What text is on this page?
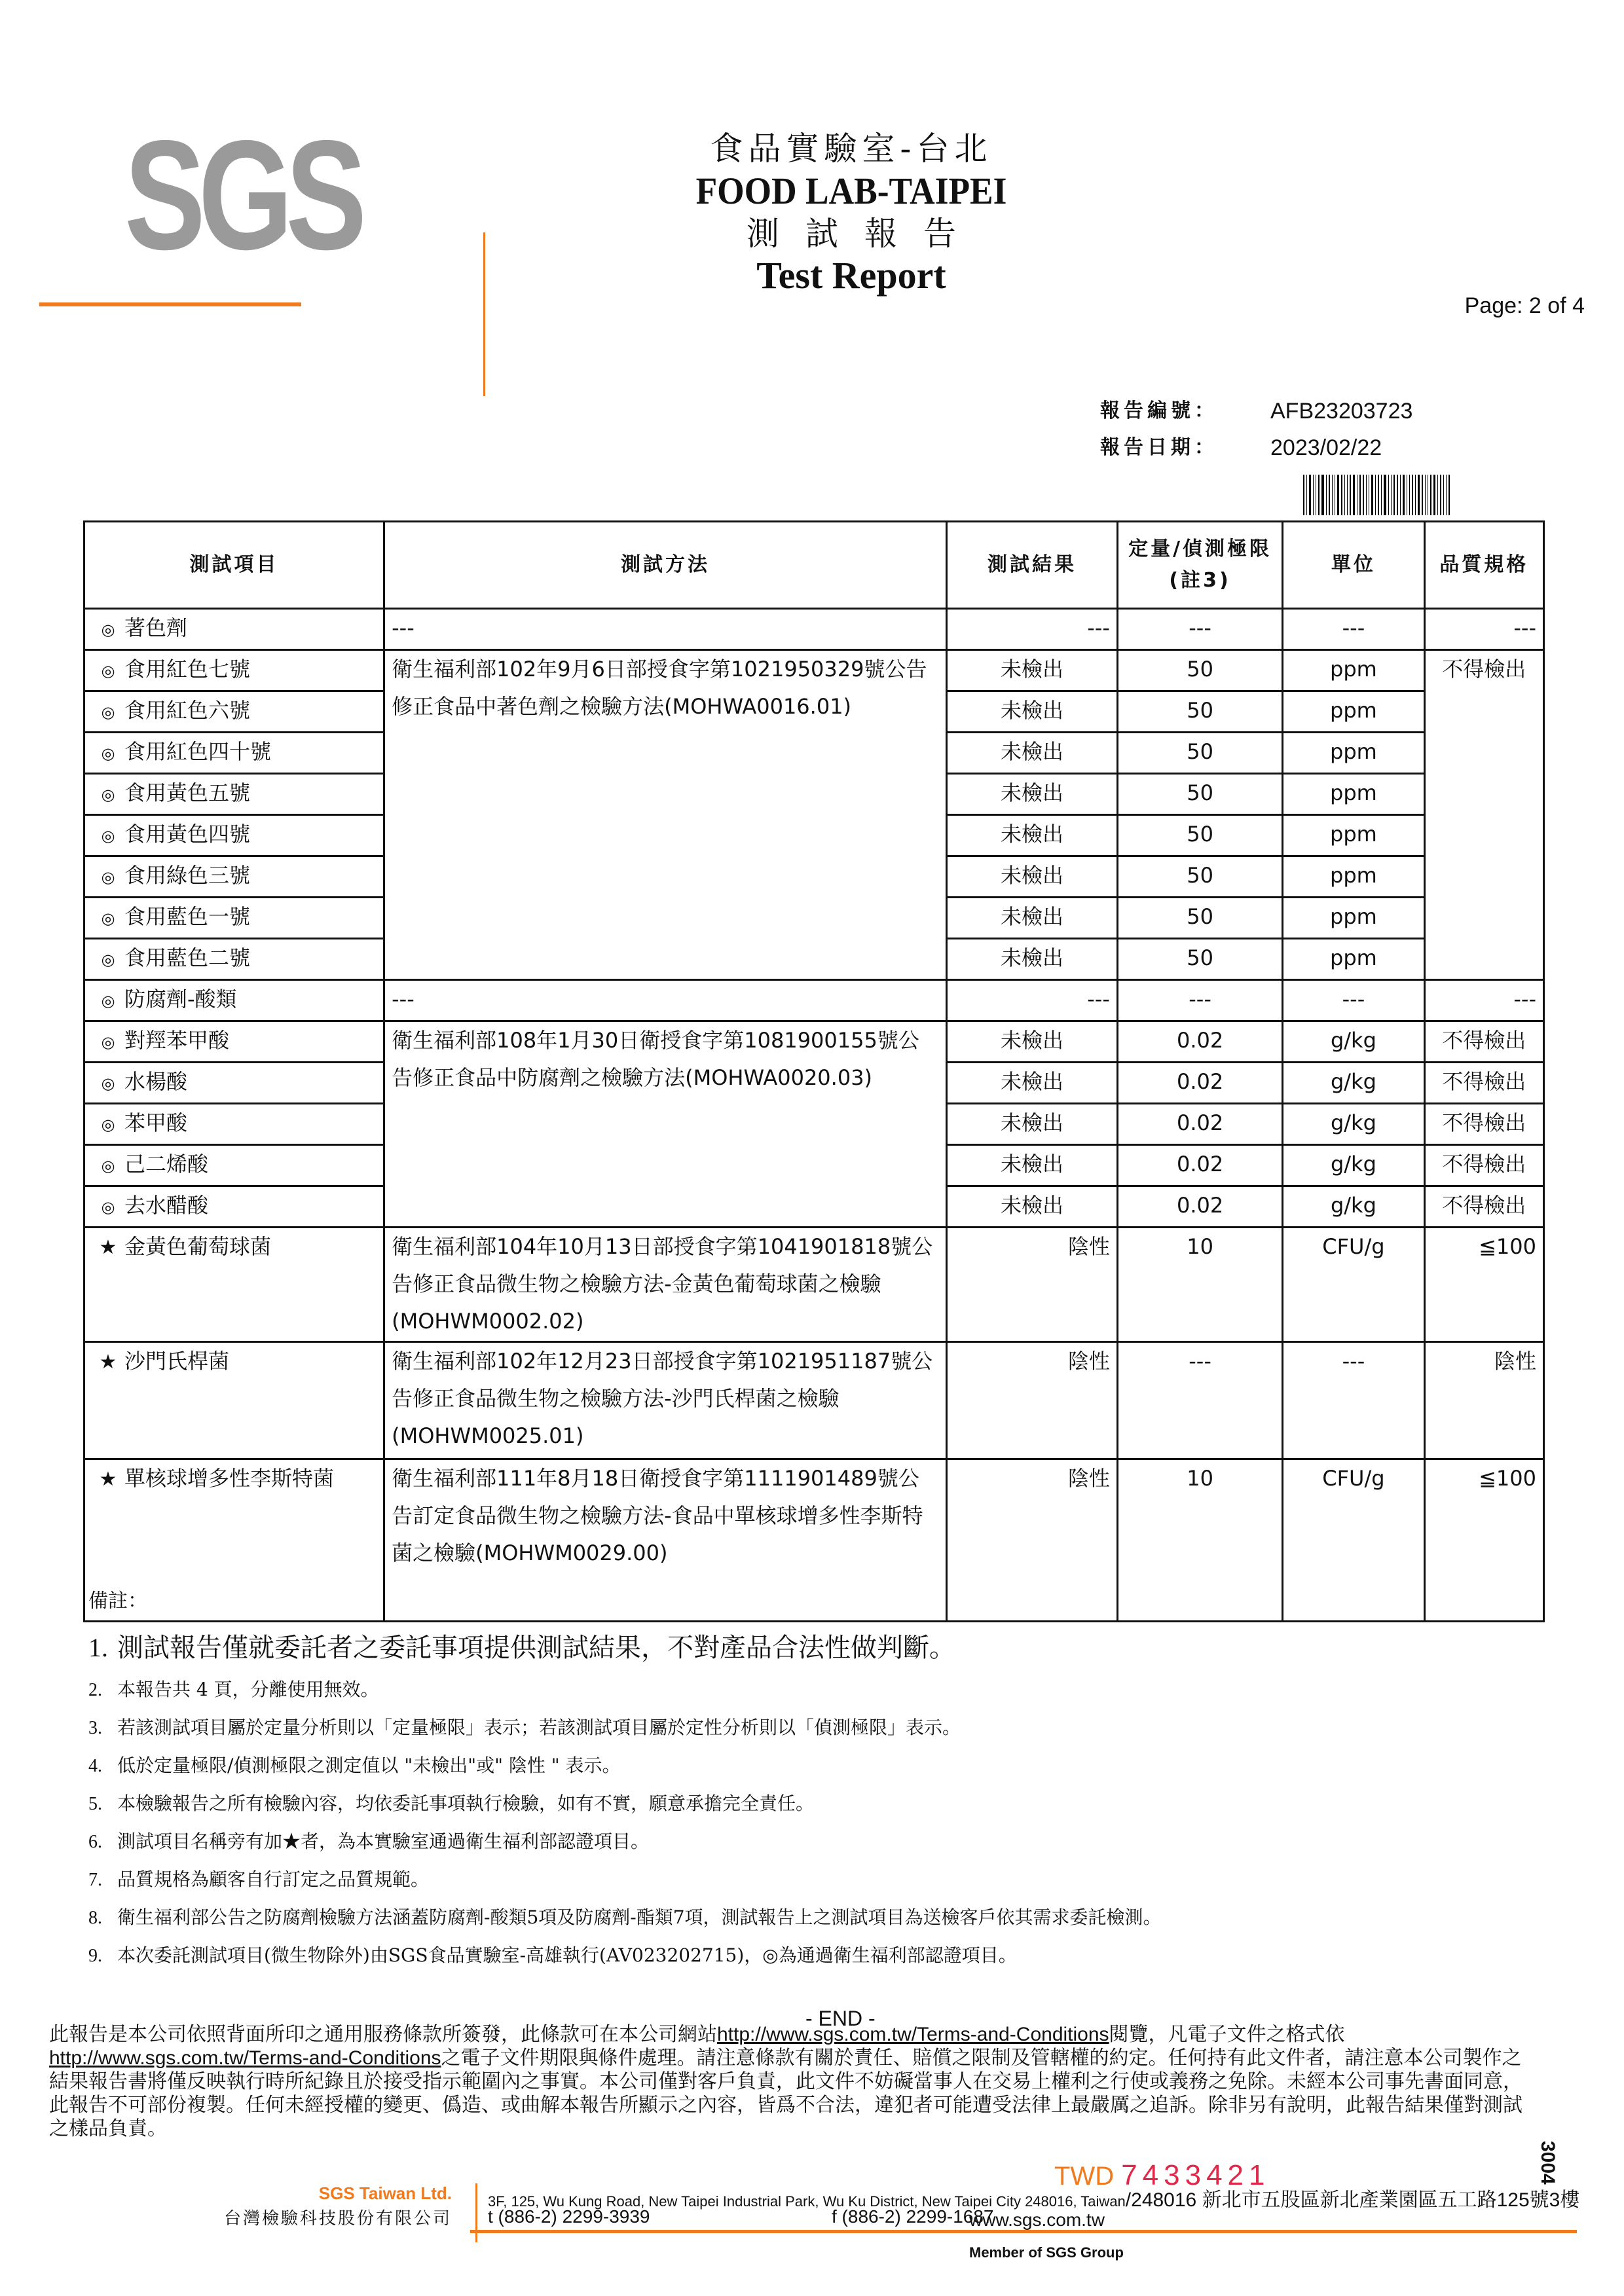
SGS	食品實驗室-台北
FOOD LAB-TAIPEI
測試報告
Test Report
Page: 2 of 4
報告編號：	AFB23203723
報告日期：	2023/02/22
測試項目	測試方法	測試結果	定量/偵測極限(註3)	單位	品質規格
◎ 著色劑	---	---	---	---	---
◎ 食用紅色七號	衛生福利部102年9月6日部授食字第1021950329號公告修正食品中著色劑之檢驗方法(MOHWA0016.01)	未檢出	50	ppm	不得檢出
◎ 食用紅色六號		未檢出	50	ppm	
◎ 食用紅色四十號		未檢出	50	ppm	
◎ 食用黃色五號		未檢出	50	ppm	
◎ 食用黃色四號		未檢出	50	ppm	
◎ 食用綠色三號		未檢出	50	ppm	
◎ 食用藍色一號		未檢出	50	ppm	
◎ 食用藍色二號		未檢出	50	ppm	
◎ 防腐劑-酸類	---	---	---	---	---
◎ 對羥苯甲酸	衛生福利部108年1月30日衛授食字第1081900155號公告修正食品中防腐劑之檢驗方法(MOHWA0020.03)	未檢出	0.02	g/kg	不得檢出
◎ 水楊酸		未檢出	0.02	g/kg	不得檢出
◎ 苯甲酸		未檢出	0.02	g/kg	不得檢出
◎ 己二烯酸		未檢出	0.02	g/kg	不得檢出
◎ 去水醋酸		未檢出	0.02	g/kg	不得檢出
★ 金黃色葡萄球菌	衛生福利部104年10月13日部授食字第1041901818號公告修正食品微生物之檢驗方法-金黃色葡萄球菌之檢驗(MOHWM0002.02)	陰性	10	CFU/g	≦100
★ 沙門氏桿菌	衛生福利部102年12月23日部授食字第1021951187號公告修正食品微生物之檢驗方法-沙門氏桿菌之檢驗(MOHWM0025.01)	陰性	---	---	陰性
★ 單核球增多性李斯特菌	衛生福利部111年8月18日衛授食字第1111901489號公告訂定食品微生物之檢驗方法-食品中單核球增多性李斯特菌之檢驗(MOHWM0029.00)	陰性	10	CFU/g	≦100
備註：
1. 測試報告僅就委託者之委託事項提供測試結果，不對產品合法性做判斷。
2. 本報告共 4 頁，分離使用無效。
3. 若該測試項目屬於定量分析則以「定量極限」表示；若該測試項目屬於定性分析則以「偵測極限」表示。
4. 低於定量極限/偵測極限之測定值以 "未檢出"或" 陰性 " 表示。
5. 本檢驗報告之所有檢驗內容，均依委託事項執行檢驗，如有不實，願意承擔完全責任。
6. 測試項目名稱旁有加★者，為本實驗室通過衛生福利部認證項目。
7. 品質規格為顧客自行訂定之品質規範。
8. 衛生福利部公告之防腐劑檢驗方法涵蓋防腐劑-酸類5項及防腐劑-酯類7項，測試報告上之測試項目為送檢客戶依其需求委託檢測。
9. 本次委託測試項目(微生物除外)由SGS食品實驗室-高雄執行(AV023202715)，◎為通過衛生福利部認證項目。
- END -
此報告是本公司依照背面所印之通用服務條款所簽發，此條款可在本公司網站http://www.sgs.com.tw/Terms-and-Conditions閱覽，凡電子文件之格式依
http://www.sgs.com.tw/Terms-and-Conditions之電子文件期限與條件處理。請注意條款有關於責任、賠償之限制及管轄權的約定。任何持有此文件者，請注意本公司製作之結果報告書將僅反映執行時所紀錄且於接受指示範圍內之事實。本公司僅對客戶負責，此文件不妨礙當事人在交易上權利之行使或義務之免除。未經本公司事先書面同意，此報告不可部份複製。任何未經授權的變更、僞造、或曲解本報告所顯示之內容，皆爲不合法，違犯者可能遭受法律上最嚴厲之追訴。除非另有說明，此報告結果僅對測試之樣品負責。
TWD 7433421	3004
SGS Taiwan Ltd.
台灣檢驗科技股份有限公司
3F, 125, Wu Kung Road, New Taipei Industrial Park, Wu Ku District, New Taipei City 248016, Taiwan/248016 新北市五股區新北產業園區五工路125號3樓
t (886-2) 2299-3939	f (886-2) 2299-1687
www.sgs.com.tw
Member of SGS Group
